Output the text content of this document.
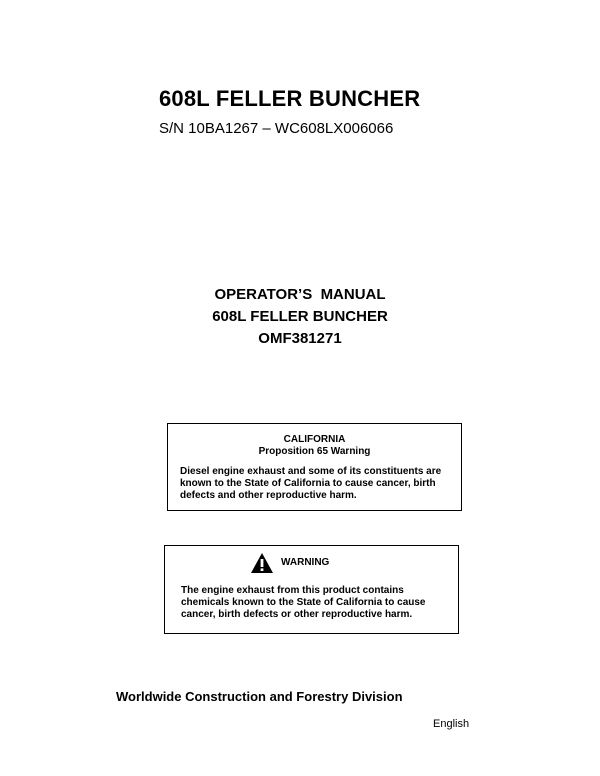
608L FELLER BUNCHER
S/N 10BA1267 – WC608LX006066
OPERATOR’S  MANUAL
608L FELLER BUNCHER
OMF381271
CALIFORNIA
Proposition 65 Warning
Diesel engine exhaust and some of its constituents are known to the State of California to cause cancer, birth defects and other reproductive harm.
WARNING
The engine exhaust from this product contains chemicals known to the State of California to cause cancer, birth defects or other reproductive harm.
Worldwide Construction and Forestry Division
English
